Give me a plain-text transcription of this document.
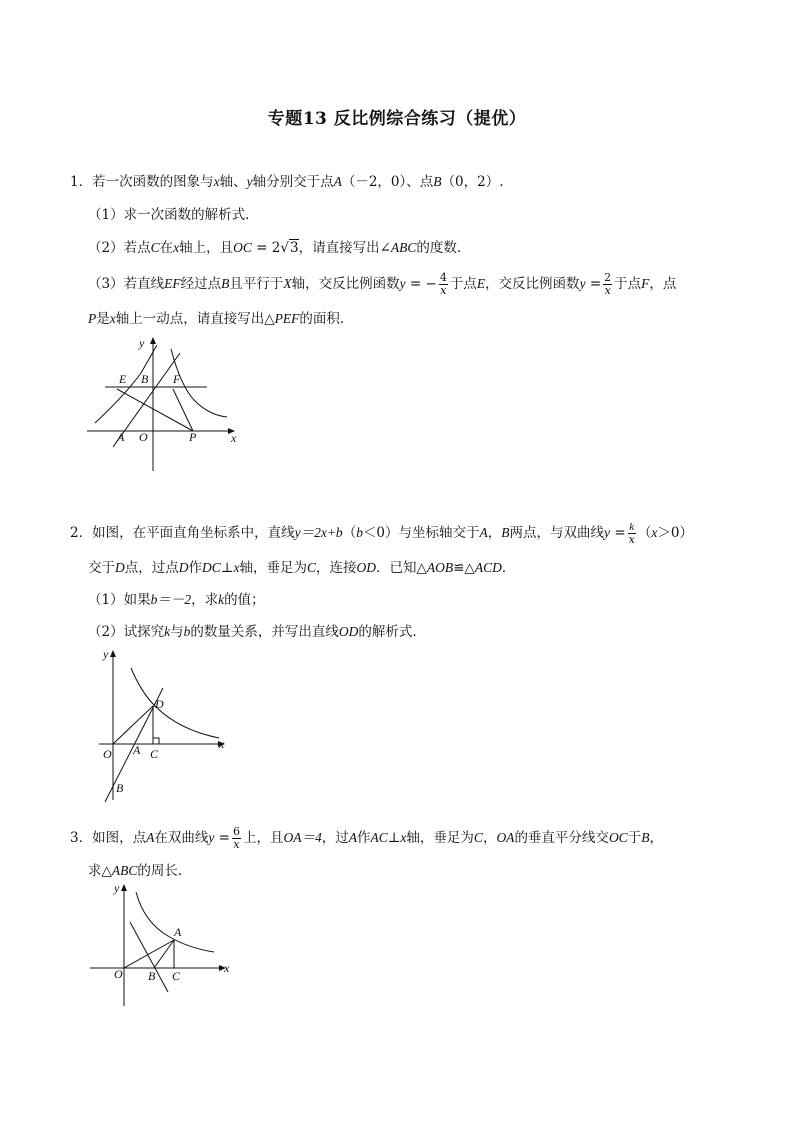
专题13 反比例综合练习（提优）
1．若一次函数的图象与x轴、y轴分别交于点A（－2，0）、点B（0，2）.
（1）求一次函数的解析式．
（2）若点C在x轴上，且OC = 2√3，请直接写出∠ABC的度数．
（3）若直线EF经过点B且平行于X轴，交反比例函数y = − $\frac{4}{x}$ 于点E，交反比例函数$y = \frac{2}{x}$ 于点F，点
P是x轴上一动点，请直接写出△PEF的面积．
y
x
E B F
A O	P
2．如图，在平面直角坐标系中，直线y＝2x+b（b＜0）与坐标轴交于A，B两点，与双曲线$y = \frac{k}{x} (x>0)$
交于D点，过点D作DC⊥x轴，垂足为C，连接OD．已知△AOB≌△ACD．
（1）如果b＝－2，求k的值；
（2）试探究k与b的数量关系，并写出直线OD的解析式．
y
x
D
O A C
B
3．如图，点A在双曲线$y = \frac{6}{x}$ 上，且OA＝4，过A作AC⊥x轴，垂足为C，OA的垂直平分线交OC于B，
求△ABC的周长．
y
x
A
O B C
